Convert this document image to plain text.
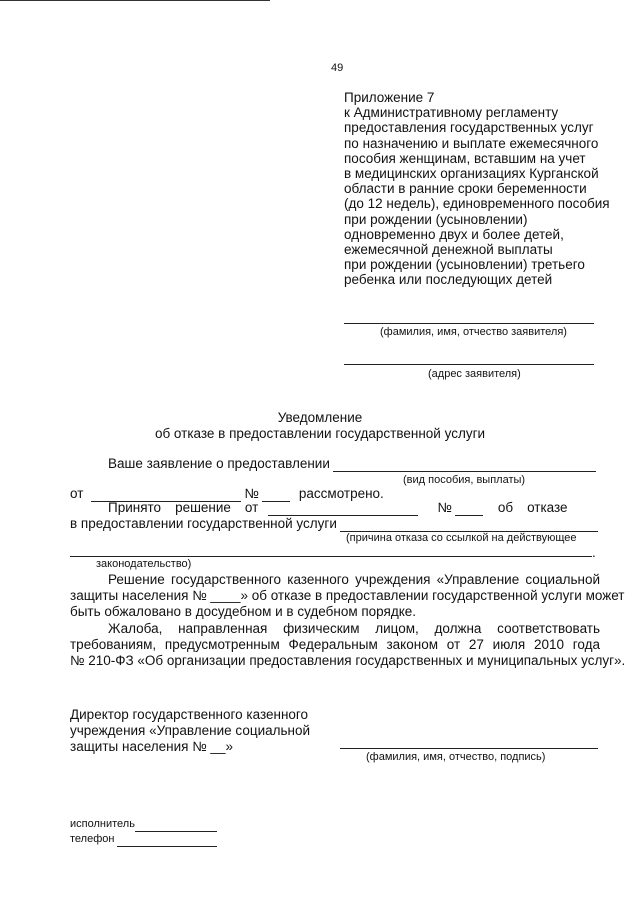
49
Приложение 7
к Административному регламенту
предоставления государственных услуг
по назначению и выплате ежемесячного
пособия женщинам, вставшим на учет
в медицинских организациях Курганской
области в ранние сроки беременности
(до 12 недель), единовременного пособия
при рождении (усыновлении)
одновременно двух и более детей,
ежемесячной денежной выплаты
при рождении (усыновлении) третьего
ребенка или последующих детей
(фамилия, имя, отчество заявителя)
(адрес заявителя)
Уведомление
об отказе в предоставлении государственной услуги
Ваше заявление о предоставлении
(вид пособия, выплаты)
от	№	рассмотрено.
Принято решение от	№	об отказе
в предоставлении государственной услуги
(причина отказа со ссылкой на действующее
.
законодательство)
Решение государственного казенного учреждения «Управление социальной
защиты населения № ____» об отказе в предоставлении государственной услуги может
быть обжаловано в досудебном и в судебном порядке.
Жалоба, направленная физическим лицом, должна соответствовать
требованиям, предусмотренным Федеральным законом от 27 июля 2010 года
№ 210-ФЗ «Об организации предоставления государственных и муниципальных услуг».
Директор государственного казенного
учреждения «Управление социальной
защиты населения № __»
(фамилия, имя, отчество, подпись)
исполнитель
телефон
